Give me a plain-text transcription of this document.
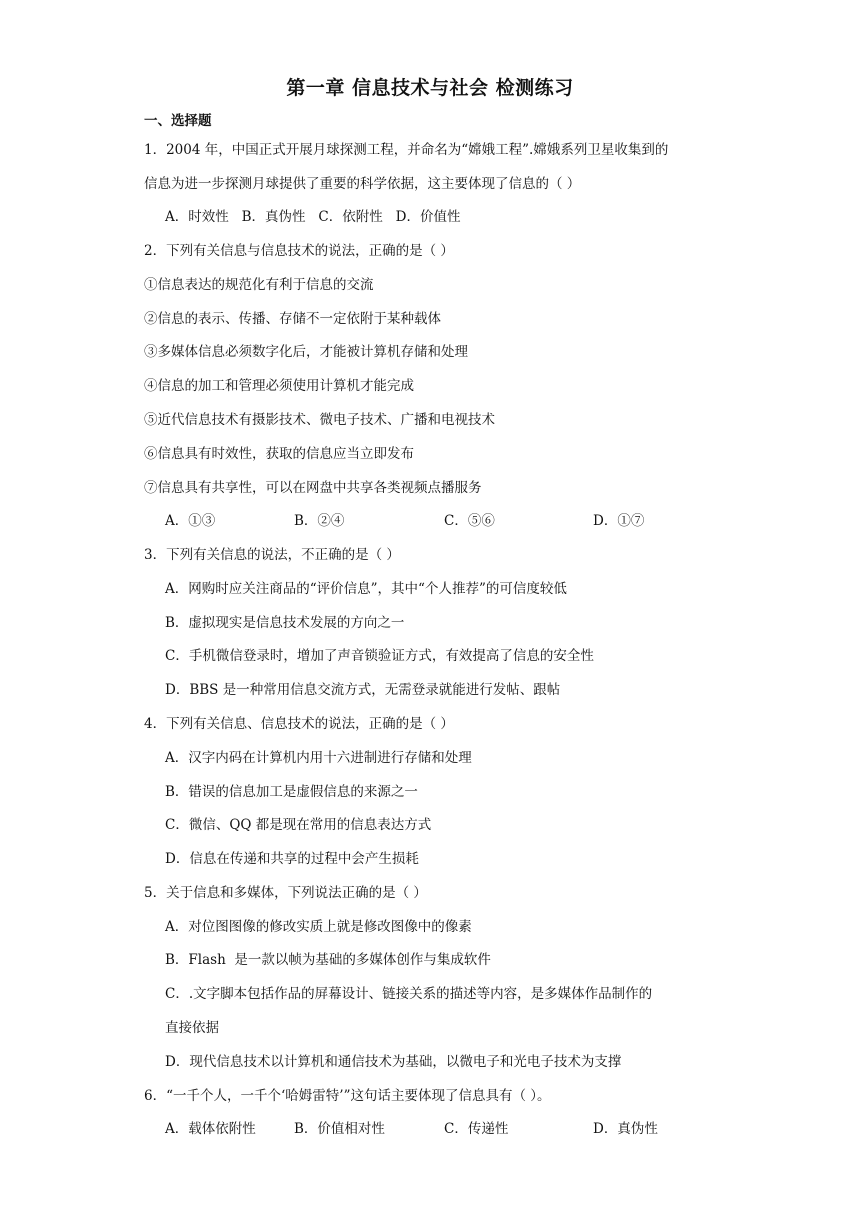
第一章 信息技术与社会 检测练习
一、选择题
1．2004 年，中国正式开展月球探测工程，并命名为“嫦娥工程”.嫦娥系列卫星收集到的
信息为进一步探测月球提供了重要的科学依据，这主要体现了信息的（ ）
A．时效性   B．真伪性   C．依附性   D．价值性
2．下列有关信息与信息技术的说法，正确的是（ ）
①信息表达的规范化有利于信息的交流
②信息的表示、传播、存储不一定依附于某种载体
③多媒体信息必须数字化后，才能被计算机存储和处理
④信息的加工和管理必须使用计算机才能完成
⑤近代信息技术有摄影技术、微电子技术、广播和电视技术
⑥信息具有时效性，获取的信息应当立即发布
⑦信息具有共享性，可以在网盘中共享各类视频点播服务
A．①③	B．②④	C．⑤⑥	D．①⑦
3．下列有关信息的说法，不正确的是（ ）
A．网购时应关注商品的“评价信息”，其中“个人推荐”的可信度较低
B．虚拟现实是信息技术发展的方向之一
C．手机微信登录时，增加了声音锁验证方式，有效提高了信息的安全性
D．BBS 是一种常用信息交流方式，无需登录就能进行发帖、跟帖
4．下列有关信息、信息技术的说法，正确的是（ ）
A．汉字内码在计算机内用十六进制进行存储和处理
B．错误的信息加工是虚假信息的来源之一
C．微信、QQ 都是现在常用的信息表达方式
D．信息在传递和共享的过程中会产生损耗
5．关于信息和多媒体，下列说法正确的是（ ）
A．对位图图像的修改实质上就是修改图像中的像素
B．Flash  是一款以帧为基础的多媒体创作与集成软件
C．.文字脚本包括作品的屏幕设计、链接关系的描述等内容，是多媒体作品制作的
直接依据
D．现代信息技术以计算机和通信技术为基础，以微电子和光电子技术为支撑
6．“一千个人，一千个‘哈姆雷特’”这句话主要体现了信息具有（ ）。
A．载体依附性	B．价值相对性	C．传递性	D．真伪性
